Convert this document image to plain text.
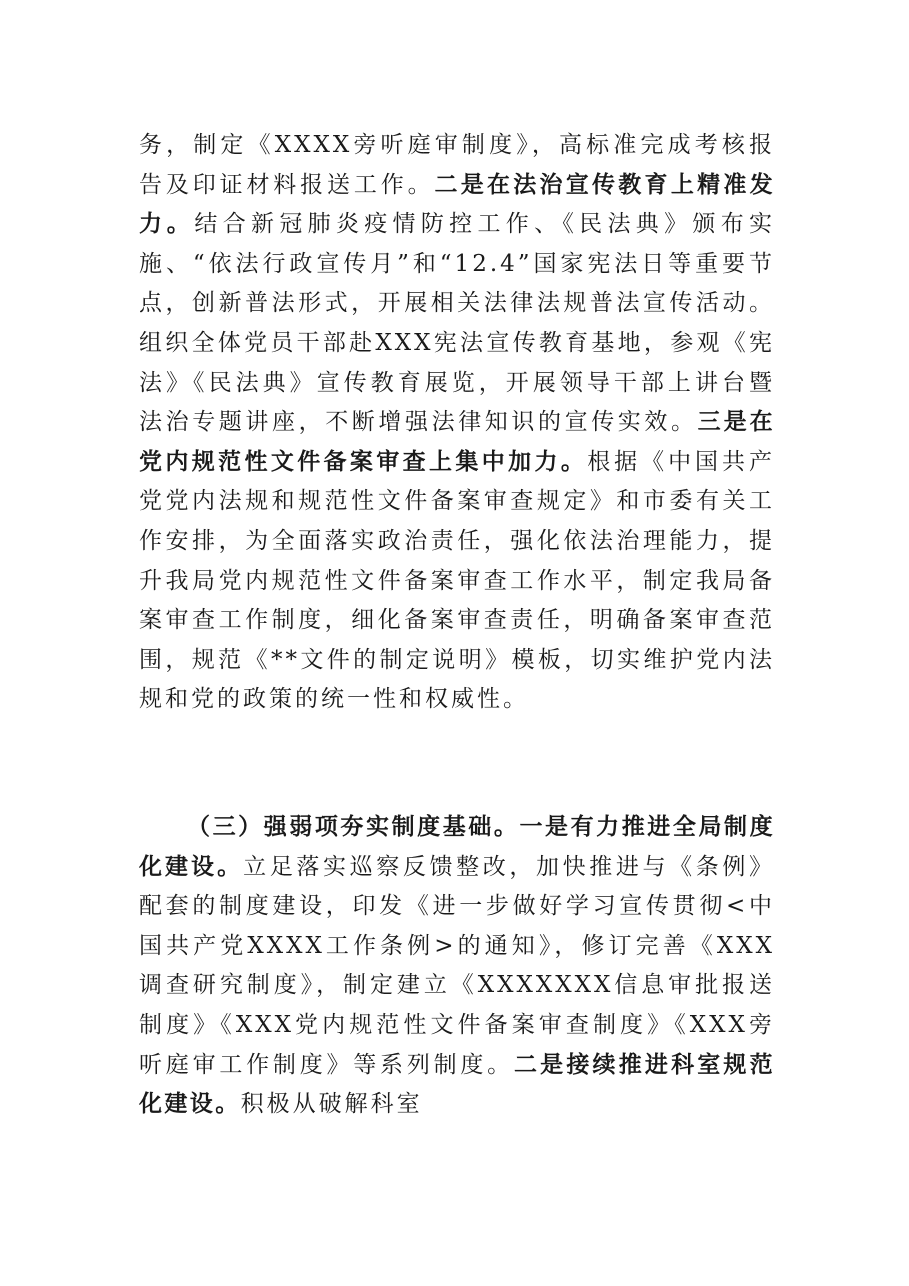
务，制定《XXXX旁听庭审制度》，高标准完成考核报告及印证材料报送工作。二是在法治宣传教育上精准发力。结合新冠肺炎疫情防控工作、《民法典》颁布实施、“依法行政宣传月”和“12.4”国家宪法日等重要节点，创新普法形式，开展相关法律法规普法宣传活动。组织全体党员干部赴XXX宪法宣传教育基地，参观《宪法》《民法典》宣传教育展览，开展领导干部上讲台暨法治专题讲座，不断增强法律知识的宣传实效。三是在党内规范性文件备案审查上集中加力。根据《中国共产党党内法规和规范性文件备案审查规定》和市委有关工作安排，为全面落实政治责任，强化依法治理能力，提升我局党内规范性文件备案审查工作水平，制定我局备案审查工作制度，细化备案审查责任，明确备案审查范围，规范《**文件的制定说明》模板，切实维护党内法规和党的政策的统一性和权威性。

（三）强弱项夯实制度基础。一是有力推进全局制度化建设。立足落实巡察反馈整改，加快推进与《条例》配套的制度建设，印发《进一步做好学习宣传贯彻<中国共产党XXXX工作条例>的通知》，修订完善《XXX调查研究制度》，制定建立《XXXXXXX信息审批报送制度》《XXX党内规范性文件备案审查制度》《XXX旁听庭审工作制度》等系列制度。二是接续推进科室规范化建设。积极从破解科室
